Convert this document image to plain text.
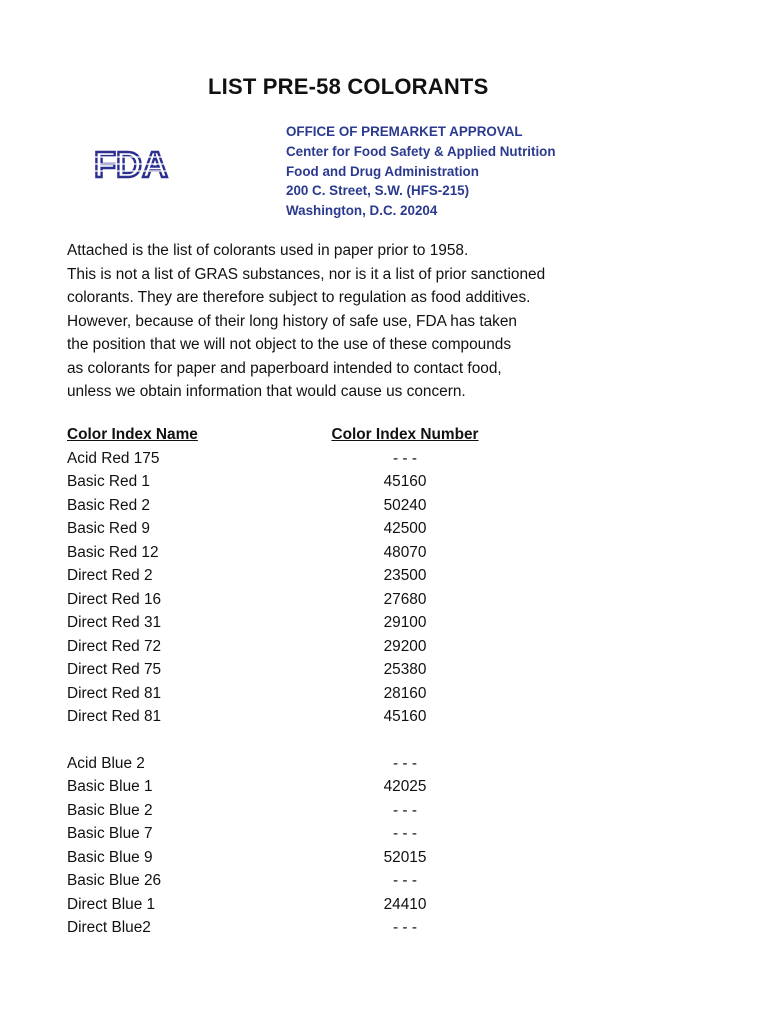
LIST PRE-58 COLORANTS
FDA
OFFICE OF PREMARKET APPROVAL
Center for Food Safety & Applied Nutrition
Food and Drug Administration
200 C. Street, S.W. (HFS-215)
Washington, D.C. 20204
Attached is the list of colorants used in paper prior to 1958.
This is not a list of GRAS substances, nor is it a list of prior sanctioned
colorants. They are therefore subject to regulation as food additives.
However, because of their long history of safe use, FDA has taken
the position that we will not object to the use of these compounds
as colorants for paper and paperboard intended to contact food,
unless we obtain information that would cause us concern.
Color Index Name	Color Index Number
Acid Red 175	- - -
Basic Red 1	45160
Basic Red 2	50240
Basic Red 9	42500
Basic Red 12	48070
Direct Red 2	23500
Direct Red 16	27680
Direct Red 31	29100
Direct Red 72	29200
Direct Red 75	25380
Direct Red 81	28160
Direct Red 81	45160
Acid Blue 2	- - -
Basic Blue 1	42025
Basic Blue 2	- - -
Basic Blue 7	- - -
Basic Blue 9	52015
Basic Blue 26	- - -
Direct Blue 1	24410
Direct Blue2	- - -
